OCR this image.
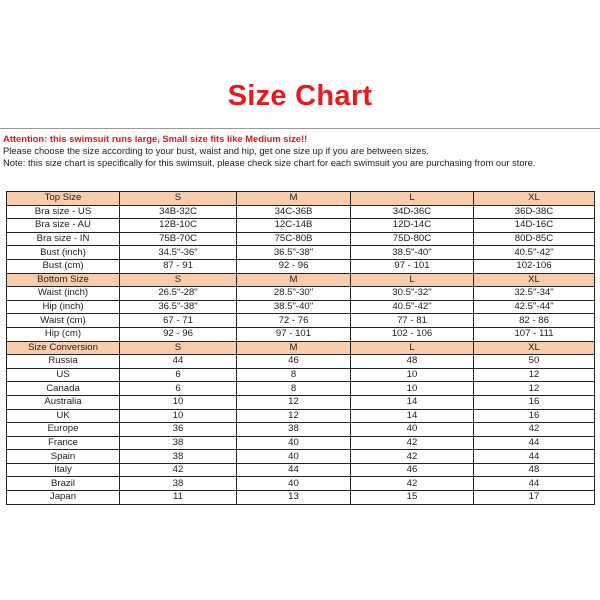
Size Chart
Attention: this swimsuit runs large, Small size fits like Medium size!!
Please choose the size according to your bust, waist and hip, get one size up if you are between sizes.
Note: this size chart is specifically for this swimsuit, please check size chart for each swimsuit you are purchasing from our store.
Top Size	S	M	L	XL
Bra size - US	34B-32C	34C-36B	34D-36C	36D-38C
Bra size - AU	12B-10C	12C-14B	12D-14C	14D-16C
Bra size - IN	75B-70C	75C-80B	75D-80C	80D-85C
Bust (inch)	34.5"-36"	36.5"-38"	38.5"-40"	40.5"-42"
Bust (cm)	87 - 91	92 - 96	97 - 101	102-106
Bottom Size	S	M	L	XL
Waist (inch)	26.5"-28"	28.5"-30"	30.5"-32"	32.5"-34"
Hip (inch)	36.5"-38"	38.5"-40"	40.5"-42"	42.5"-44"
Waist (cm)	67 - 71	72 - 76	77 - 81	82 - 86
Hip (cm)	92 - 96	97 - 101	102 - 106	107 - 111
Size Conversion	S	M	L	XL
Russia	44	46	48	50
US	6	8	10	12
Canada	6	8	10	12
Australia	10	12	14	16
UK	10	12	14	16
Europe	36	38	40	42
France	38	40	42	44
Spain	38	40	42	44
Italy	42	44	46	48
Brazil	38	40	42	44
Japan	11	13	15	17
